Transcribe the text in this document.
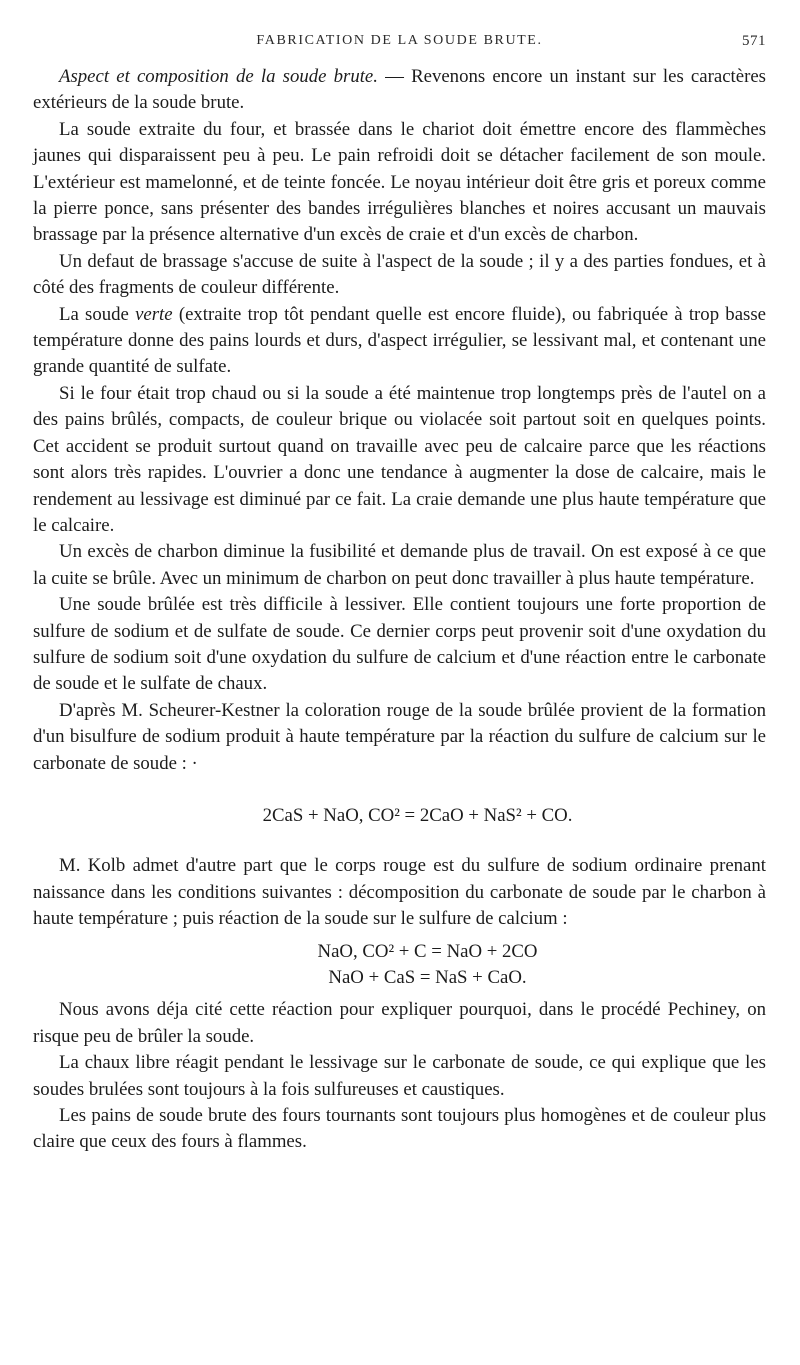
FABRICATION DE LA SOUDE BRUTE.	571

Aspect et composition de la soude brute. — Revenons encore un instant sur les caractères extérieurs de la soude brute.

La soude extraite du four, et brassée dans le chariot doit émettre encore des flammèches jaunes qui disparaissent peu à peu. Le pain refroidi doit se détacher facilement de son moule. L'extérieur est mamelonné, et de teinte foncée. Le noyau intérieur doit être gris et poreux comme la pierre ponce, sans présenter des bandes irrégulières blanches et noires accusant un mauvais brassage par la présence alternative d'un excès de craie et d'un excès de charbon.

Un defaut de brassage s'accuse de suite à l'aspect de la soude ; il y a des parties fondues, et à côté des fragments de couleur différente.

La soude verte (extraite trop tôt pendant quelle est encore fluide), ou fabriquée à trop basse température donne des pains lourds et durs, d'aspect irrégulier, se lessivant mal, et contenant une grande quantité de sulfate.

Si le four était trop chaud ou si la soude a été maintenue trop longtemps près de l'autel on a des pains brûlés, compacts, de couleur brique ou violacée soit partout soit en quelques points. Cet accident se produit surtout quand on travaille avec peu de calcaire parce que les réactions sont alors très rapides. L'ouvrier a donc une tendance à augmenter la dose de calcaire, mais le rendement au lessivage est diminué par ce fait. La craie demande une plus haute température que le calcaire.

Un excès de charbon diminue la fusibilité et demande plus de travail. On est exposé à ce que la cuite se brûle. Avec un minimum de charbon on peut donc travailler à plus haute température.

Une soude brûlée est très difficile à lessiver. Elle contient toujours une forte proportion de sulfure de sodium et de sulfate de soude. Ce dernier corps peut provenir soit d'une oxydation du sulfure de sodium soit d'une oxydation du sulfure de calcium et d'une réaction entre le carbonate de soude et le sulfate de chaux.

D'après M. Scheurer-Kestner la coloration rouge de la soude brûlée provient de la formation d'un bisulfure de sodium produit à haute température par la réaction du sulfure de calcium sur le carbonate de soude : ·

2CaS + NaO, CO² = 2CaO + NaS² + CO.

M. Kolb admet d'autre part que le corps rouge est du sulfure de sodium ordinaire prenant naissance dans les conditions suivantes : décomposition du carbonate de soude par le charbon à haute température ; puis réaction de la soude sur le sulfure de calcium :

NaO, CO² + C = NaO + 2CO

NaO + CaS = NaS + CaO.

Nous avons déja cité cette réaction pour expliquer pourquoi, dans le procédé Pechiney, on risque peu de brûler la soude.

La chaux libre réagit pendant le lessivage sur le carbonate de soude, ce qui explique que les soudes brulées sont toujours à la fois sulfureuses et caustiques.

Les pains de soude brute des fours tournants sont toujours plus homogènes et de couleur plus claire que ceux des fours à flammes.
